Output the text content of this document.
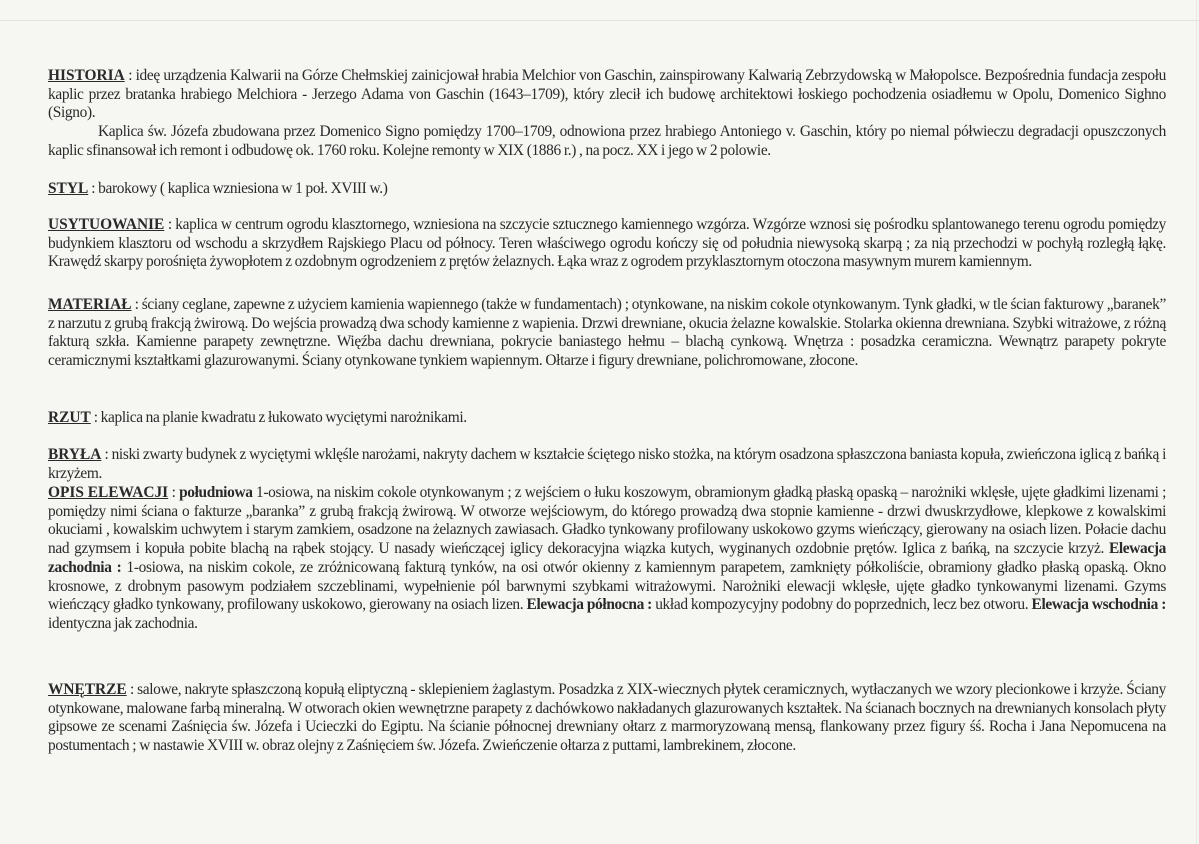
HISTORIA : ideę urządzenia Kalwarii na Górze Chełmskiej zainicjował hrabia Melchior von Gaschin, zainspirowany Kalwarią Zebrzydowską w Małopolsce. Bezpośrednia fundacja zespołu kaplic przez bratanka hrabiego Melchiora - Jerzego Adama von Gaschin (1643–1709), który zlecił ich budowę architektowi łoskiego pochodzenia osiadłemu w Opolu, Domenico Sighno (Signo).
Kaplica św. Józefa zbudowana przez Domenico Signo pomiędzy 1700–1709, odnowiona przez hrabiego Antoniego v. Gaschin, który po niemal półwieczu degradacji opuszczonych kaplic sfinansował ich remont i odbudowę ok. 1760 roku. Kolejne remonty w XIX (1886 r.) , na pocz. XX i jego w 2 polowie.
STYL : barokowy ( kaplica wzniesiona w 1 poł. XVIII w.)
USYTUOWANIE : kaplica w centrum ogrodu klasztornego, wzniesiona na szczycie sztucznego kamiennego wzgórza. Wzgórze wznosi się pośrodku splantowanego terenu ogrodu pomiędzy budynkiem klasztoru od wschodu a skrzydłem Rajskiego Placu od północy. Teren właściwego ogrodu kończy się od południa niewysoką skarpą ; za nią przechodzi w pochyłą rozległą łąkę. Krawędź skarpy porośnięta żywopłotem z ozdobnym ogrodzeniem z prętów żelaznych. Łąka wraz z ogrodem przyklasztornym otoczona masywnym murem kamiennym.
MATERIAŁ : ściany ceglane, zapewne z użyciem kamienia wapiennego (także w fundamentach) ; otynkowane, na niskim cokole otynkowanym. Tynk gładki, w tle ścian fakturowy „baranek” z narzutu z grubą frakcją żwirową. Do wejścia prowadzą dwa schody kamienne z wapienia. Drzwi drewniane, okucia żelazne kowalskie. Stolarka okienna drewniana. Szybki witrażowe, z różną fakturą szkła. Kamienne parapety zewnętrzne. Więźba dachu drewniana, pokrycie baniastego hełmu – blachą cynkową. Wnętrza : posadzka ceramiczna. Wewnątrz parapety pokryte ceramicznymi kształtkami glazurowanymi. Ściany otynkowane tynkiem wapiennym. Ołtarze i figury drewniane, polichromowane, złocone.
RZUT : kaplica na planie kwadratu z łukowato wyciętymi narożnikami.
BRYŁA : niski zwarty budynek z wyciętymi wklęśle narożami, nakryty dachem w kształcie ściętego nisko stożka, na którym osadzona spłaszczona baniasta kopuła, zwieńczona iglicą z bańką i krzyżem.
OPIS ELEWACJI : południowa 1-osiowa, na niskim cokole otynkowanym ; z wejściem o łuku koszowym, obramionym gładką płaską opaską – narożniki wklęsłe, ujęte gładkimi lizenami ; pomiędzy nimi ściana o fakturze „baranka” z grubą frakcją żwirową. W otworze wejściowym, do którego prowadzą dwa stopnie kamienne - drzwi dwuskrzydłowe, klepkowe z kowalskimi okuciami , kowalskim uchwytem i starym zamkiem, osadzone na żelaznych zawiasach. Gładko tynkowany profilowany uskokowo gzyms wieńczący, gierowany na osiach lizen. Połacie dachu nad gzymsem i kopuła pobite blachą na rąbek stojący. U nasady wieńczącej iglicy dekoracyjna wiązka kutych, wyginanych ozdobnie prętów. Iglica z bańką, na szczycie krzyż. Elewacja zachodnia : 1-osiowa, na niskim cokole, ze zróżnicowaną fakturą tynków, na osi otwór okienny z kamiennym parapetem, zamknięty półkoliście, obramiony gładko płaską opaską. Okno krosnowe, z drobnym pasowym podziałem szczeblinami, wypełnienie pól barwnymi szybkami witrażowymi. Narożniki elewacji wklęsłe, ujęte gładko tynkowanymi lizenami. Gzyms wieńczący gładko tynkowany, profilowany uskokowo, gierowany na osiach lizen. Elewacja północna : układ kompozycyjny podobny do poprzednich, lecz bez otworu. Elewacja wschodnia : identyczna jak zachodnia.
WNĘTRZE : salowe, nakryte spłaszczoną kopułą eliptyczną - sklepieniem żaglastym. Posadzka z XIX-wiecznych płytek ceramicznych, wytłaczanych we wzory plecionkowe i krzyże. Ściany otynkowane, malowane farbą mineralną. W otworach okien wewnętrzne parapety z dachówkowo nakładanych glazurowanych kształtek. Na ścianach bocznych na drewnianych konsolach płyty gipsowe ze scenami Zaśnięcia św. Józefa i Ucieczki do Egiptu. Na ścianie północnej drewniany ołtarz z marmoryzowaną mensą, flankowany przez figury śś. Rocha i Jana Nepomucena na postumentach ; w nastawie XVIII w. obraz olejny z Zaśnięciem św. Józefa. Zwieńczenie ołtarza z puttami, lambrekinem, złocone.
